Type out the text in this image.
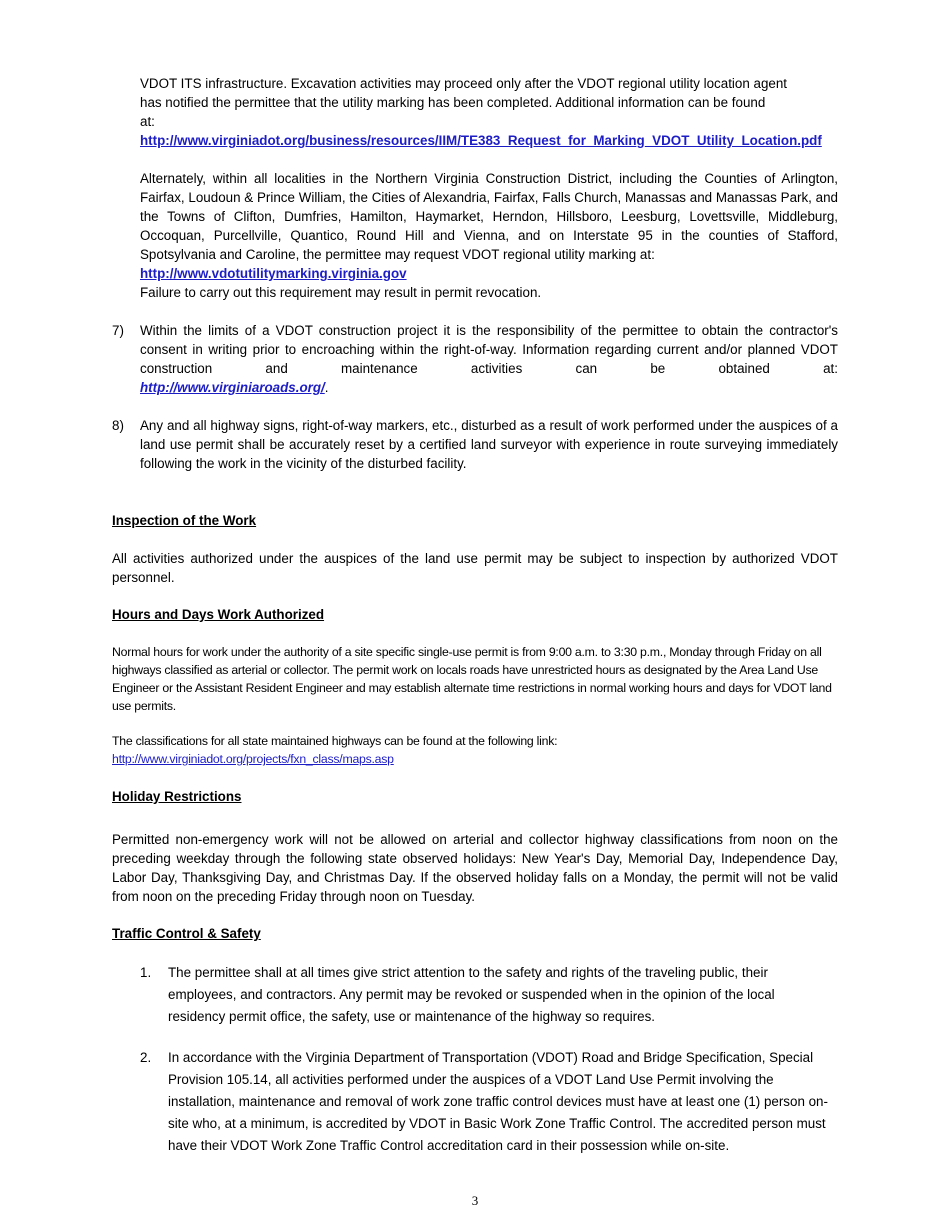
VDOT ITS infrastructure. Excavation activities may proceed only after the VDOT regional utility location agent
has notified the permittee that the utility marking has been completed. Additional information can be found
at:
http://www.virginiadot.org/business/resources/IIM/TE383_Request_for_Marking_VDOT_Utility_Location.pdf

Alternately, within all localities in the Northern Virginia Construction District, including the Counties of Arlington, Fairfax, Loudoun & Prince William, the Cities of Alexandria, Fairfax, Falls Church, Manassas and Manassas Park, and the Towns of Clifton, Dumfries, Hamilton, Haymarket, Herndon, Hillsboro, Leesburg, Lovettsville, Middleburg, Occoquan, Purcellville, Quantico, Round Hill and Vienna, and on Interstate 95 in the counties of Stafford, Spotsylvania and Caroline, the permittee may request VDOT regional utility marking at:

http://www.vdotutilitymarking.virginia.gov

Failure to carry out this requirement may result in permit revocation.

7) Within the limits of a VDOT construction project it is the responsibility of the permittee to obtain the contractor's consent in writing prior to encroaching within the right-of-way. Information regarding current and/or planned VDOT construction and maintenance activities can be obtained at:

http://www.virginiaroads.org/.

8) Any and all highway signs, right-of-way markers, etc., disturbed as a result of work performed under the auspices of a land use permit shall be accurately reset by a certified land surveyor with experience in route surveying immediately following the work in the vicinity of the disturbed facility.

Inspection of the Work

All activities authorized under the auspices of the land use permit may be subject to inspection by authorized VDOT personnel.

Hours and Days Work Authorized

Normal hours for work under the authority of a site specific single-use permit is from 9:00 a.m. to 3:30 p.m., Monday through Friday on all highways classified as arterial or collector. The permit work on locals roads have unrestricted hours as designated by the Area Land Use Engineer or the Assistant Resident Engineer and may establish alternate time restrictions in normal working hours and days for VDOT land use permits.

The classifications for all state maintained highways can be found at the following link:
http://www.virginiadot.org/projects/fxn_class/maps.asp

Holiday Restrictions

Permitted non-emergency work will not be allowed on arterial and collector highway classifications from noon on the preceding weekday through the following state observed holidays: New Year's Day, Memorial Day, Independence Day, Labor Day, Thanksgiving Day, and Christmas Day. If the observed holiday falls on a Monday, the permit will not be valid from noon on the preceding Friday through noon on Tuesday.

Traffic Control & Safety

1. The permittee shall at all times give strict attention to the safety and rights of the traveling public, their employees, and contractors. Any permit may be revoked or suspended when in the opinion of the local residency permit office, the safety, use or maintenance of the highway so requires.

2. In accordance with the Virginia Department of Transportation (VDOT) Road and Bridge Specification, Special Provision 105.14, all activities performed under the auspices of a VDOT Land Use Permit involving the installation, maintenance and removal of work zone traffic control devices must have at least one (1) person on-site who, at a minimum, is accredited by VDOT in Basic Work Zone Traffic Control. The accredited person must have their VDOT Work Zone Traffic Control accreditation card in their possession while on-site.

3
